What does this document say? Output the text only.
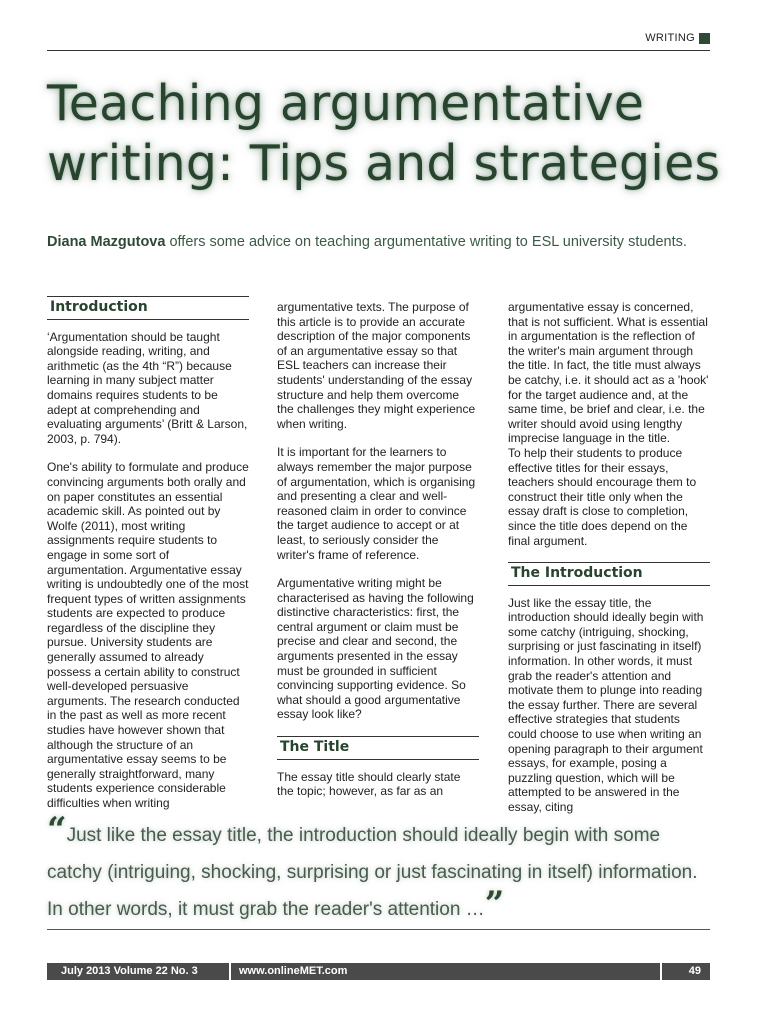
WRITING
Teaching argumentative writing: Tips and strategies
Diana Mazgutova offers some advice on teaching argumentative writing to ESL university students.
Introduction

‘Argumentation should be taught alongside reading, writing, and arithmetic (as the 4th “R”) because learning in many subject matter domains requires students to be adept at comprehending and evaluating arguments’ (Britt & Larson, 2003, p. 794).

One's ability to formulate and produce convincing arguments both orally and on paper constitutes an essential academic skill. As pointed out by Wolfe (2011), most writing assignments require students to engage in some sort of argumentation. Argumentative essay writing is undoubtedly one of the most frequent types of written assignments students are expected to produce regardless of the discipline they pursue. University students are generally assumed to already possess a certain ability to construct well-developed persuasive arguments. The research conducted in the past as well as more recent studies have however shown that although the structure of an argumentative essay seems to be generally straightforward, many students experience considerable difficulties when writing

argumentative texts. The purpose of this article is to provide an accurate description of the major components of an argumentative essay so that ESL teachers can increase their students' understanding of the essay structure and help them overcome the challenges they might experience when writing.

It is important for the learners to always remember the major purpose of argumentation, which is organising and presenting a clear and well-reasoned claim in order to convince the target audience to accept or at least, to seriously consider the writer's frame of reference.

Argumentative writing might be characterised as having the following distinctive characteristics: first, the central argument or claim must be precise and clear and second, the arguments presented in the essay must be grounded in sufficient convincing supporting evidence. So what should a good argumentative essay look like?

The Title

The essay title should clearly state the topic; however, as far as an

argumentative essay is concerned, that is not sufficient. What is essential in argumentation is the reflection of the writer's main argument through the title. In fact, the title must always be catchy, i.e. it should act as a 'hook' for the target audience and, at the same time, be brief and clear, i.e. the writer should avoid using lengthy imprecise language in the title.

To help their students to produce effective titles for their essays, teachers should encourage them to construct their title only when the essay draft is close to completion, since the title does depend on the final argument.

The Introduction

Just like the essay title, the introduction should ideally begin with some catchy (intriguing, shocking, surprising or just fascinating in itself) information. In other words, it must grab the reader's attention and motivate them to plunge into reading the essay further. There are several effective strategies that students could choose to use when writing an opening paragraph to their argument essays, for example, posing a puzzling question, which will be attempted to be answered in the essay, citing

“Just like the essay title, the introduction should ideally begin with some catchy (intriguing, shocking, surprising or just fascinating in itself) information. In other words, it must grab the reader's attention …”

July 2013 Volume 22 No. 3	www.onlineMET.com	49
